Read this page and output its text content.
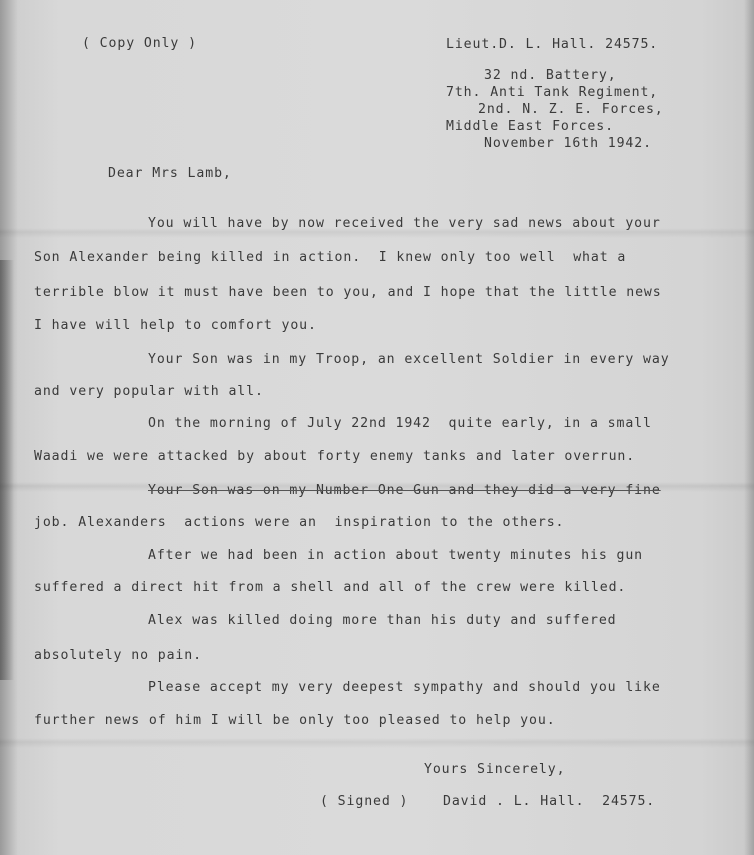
( Copy Only )	Lieut.D. L. Hall. 24575.

32 nd. Battery,

7th. Anti Tank Regiment,

2nd. N. Z. E. Forces,

Middle East Forces.

November 16th 1942.

Dear Mrs Lamb,

You will have by now received the very sad news about your

Son Alexander being killed in action.  I knew only too well  what a

terrible blow it must have been to you, and I hope that the little news

I have will help to comfort you.

Your Son was in my Troop, an excellent Soldier in every way

and very popular with all.

On the morning of July 22nd 1942  quite early, in a small

Waadi we were attacked by about forty enemy tanks and later overrun.

Your Son was on my Number One Gun and they did a very fine

job. Alexanders  actions were an  inspiration to the others.

After we had been in action about twenty minutes his gun

suffered a direct hit from a shell and all of the crew were killed.

Alex was killed doing more than his duty and suffered

absolutely no pain.

Please accept my very deepest sympathy and should you like

further news of him I will be only too pleased to help you.

Yours Sincerely,

( Signed )	David . L. Hall.  24575.
